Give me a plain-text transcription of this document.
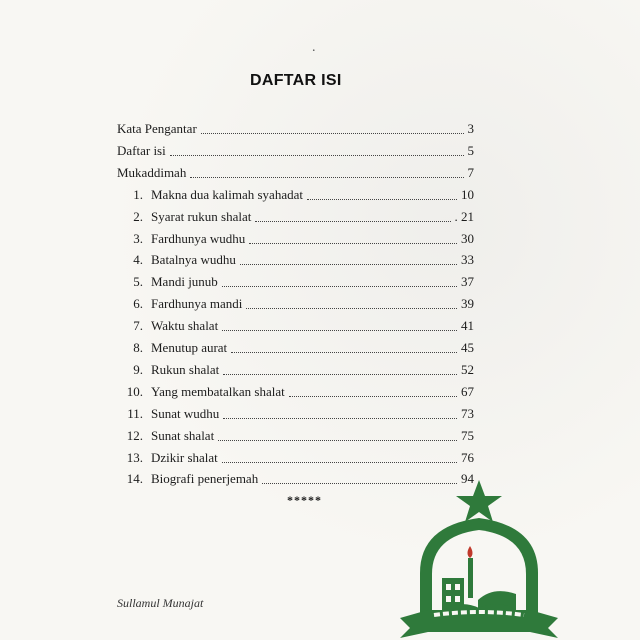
.
DAFTAR ISI
Kata Pengantar	3
Daftar isi	5
Mukaddimah	7
1. Makna dua kalimah syahadat	10
2. Syarat rukun shalat	. 21
3. Fardhunya wudhu	30
4. Batalnya wudhu	33
5. Mandi junub	37
6. Fardhunya mandi	39
7. Waktu shalat	41
8. Menutup aurat	45
9. Rukun shalat	52
10. Yang membatalkan shalat	67
11. Sunat wudhu	73
12. Sunat shalat	75
13. Dzikir shalat	76
14. Biografi penerjemah	94
*****
Sullamul Munajat
